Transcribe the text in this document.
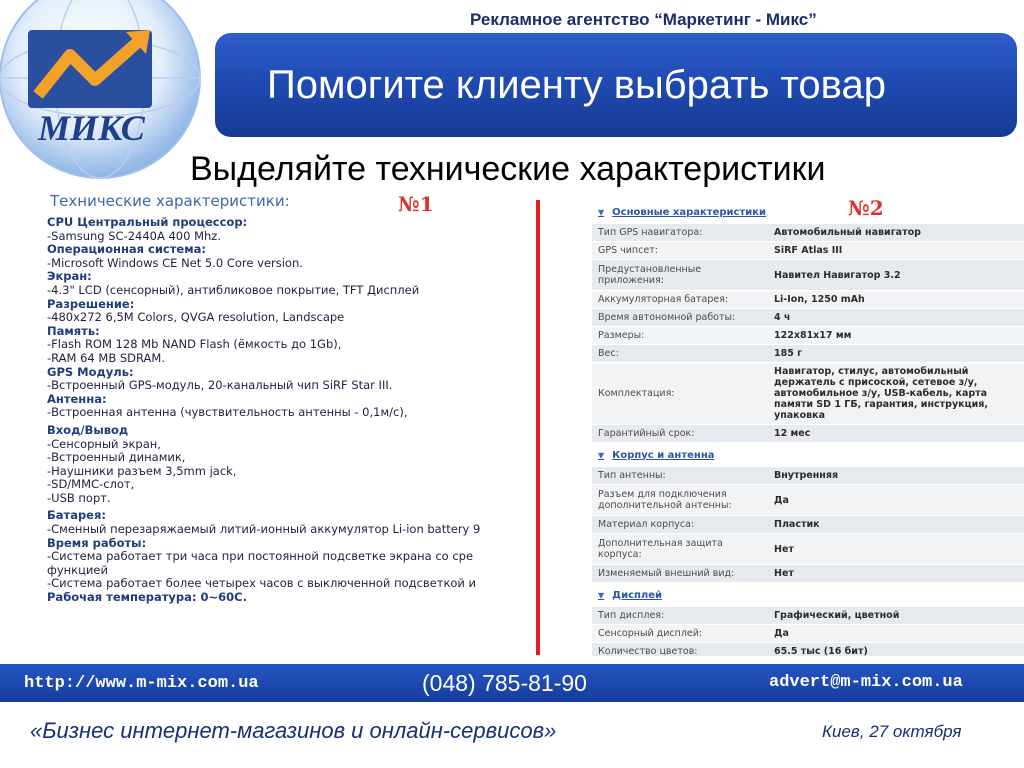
МИКС
Рекламное агентство “Маркетинг - Микс”
Помогите клиенту выбрать товар
Выделяйте технические характеристики
Технические характеристики:
CPU Центральный процессор:
-Samsung SC-2440A 400 Mhz.
Операционная система:
-Microsoft Windows CE Net 5.0 Core version.
Экран:
-4.3" LCD (сенсорный), антибликовое покрытие, TFT Дисплей
Разрешение:
-480x272 6,5M Colors, QVGA resolution, Landscape
Память:
-Flash ROM 128 Mb NAND Flash (ёмкость до 1Gb),
-RAM 64 MB SDRAM.
GPS Модуль:
-Встроенный GPS-модуль, 20-канальный чип SiRF Star III.
Антенна:
-Встроенная антенна (чувствительность антенны - 0,1м/с),
Вход/Вывод
-Сенсорный экран,
-Встроенный динамик,
-Наушники разъем 3,5mm jack,
-SD/MMC-слот,
-USB порт.
Батарея:
-Сменный перезаряжаемый литий-ионный аккумулятор Li-ion battery 9
Время работы:
-Система работает три часа при постоянной подсветке экрана со сре
функцией
-Система работает более четырех часов с выключенной подсветкой и
Рабочая температура: 0~60С.
№1	▼ Основные характеристики
Тип GPS навигатора:	Автомобильный навигатор
GPS чипсет:	SiRF Atlas III
Предустановленные приложения:	Навител Навигатор 3.2
Аккумуляторная батарея:	Li-Ion, 1250 mAh
Время автономной работы:	4 ч
Размеры:	122x81x17 мм
Вес:	185 г
Комплектация:
Навигатор, стилус, автомобильный держатель с присоской, сетевое з/у, автомобильное з/у, USB-кабель, карта памяти SD 1 ГБ, гарантия, инструкция, упаковка
Гарантийный срок:	12 мес
▼ Корпус и антенна
Тип антенны:	Внутренняя
Разъем для подключения дополнительной антенны:	Да
Материал корпуса:	Пластик
Дополнительная защита корпуса:	Нет
Изменяемый внешний вид:	Нет
▼ Дисплей
Тип дисплея:	Графический, цветной
Сенсорный дисплей:	Да
Количество цветов:	65.5 тыс (16 бит)
№2
http://www.m-mix.com.ua	(048) 785-81-90	advert@m-mix.com.ua
«Бизнес интернет-магазинов и онлайн-сервисов»	Киев, 27 октября
